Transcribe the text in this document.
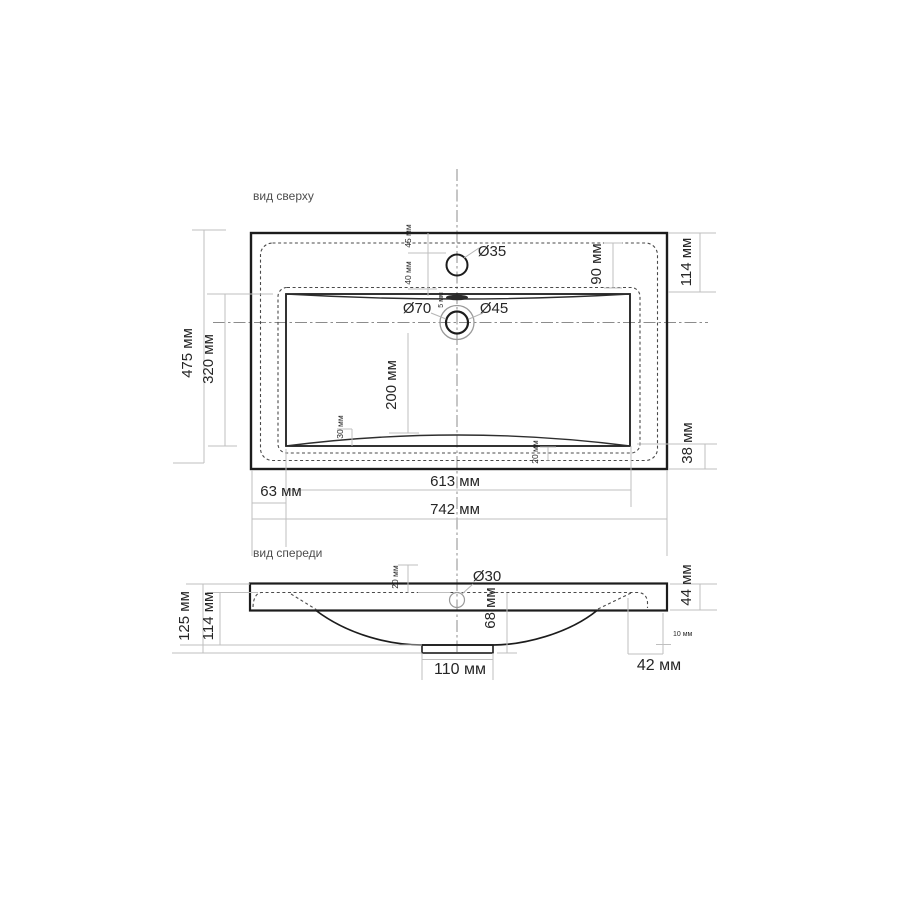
вид сверху
Ø35
Ø70	Ø45
45 мм
40 мм
5 мм
90 мм	114 мм
475 мм 320 мм
200 мм
30 мм
20 мм	38 мм
63 мм
613 мм
742 мм
вид спереди
Ø30
20 мм
68 мм
44 мм
125 мм 114 мм	10 мм
42 мм
110 мм
